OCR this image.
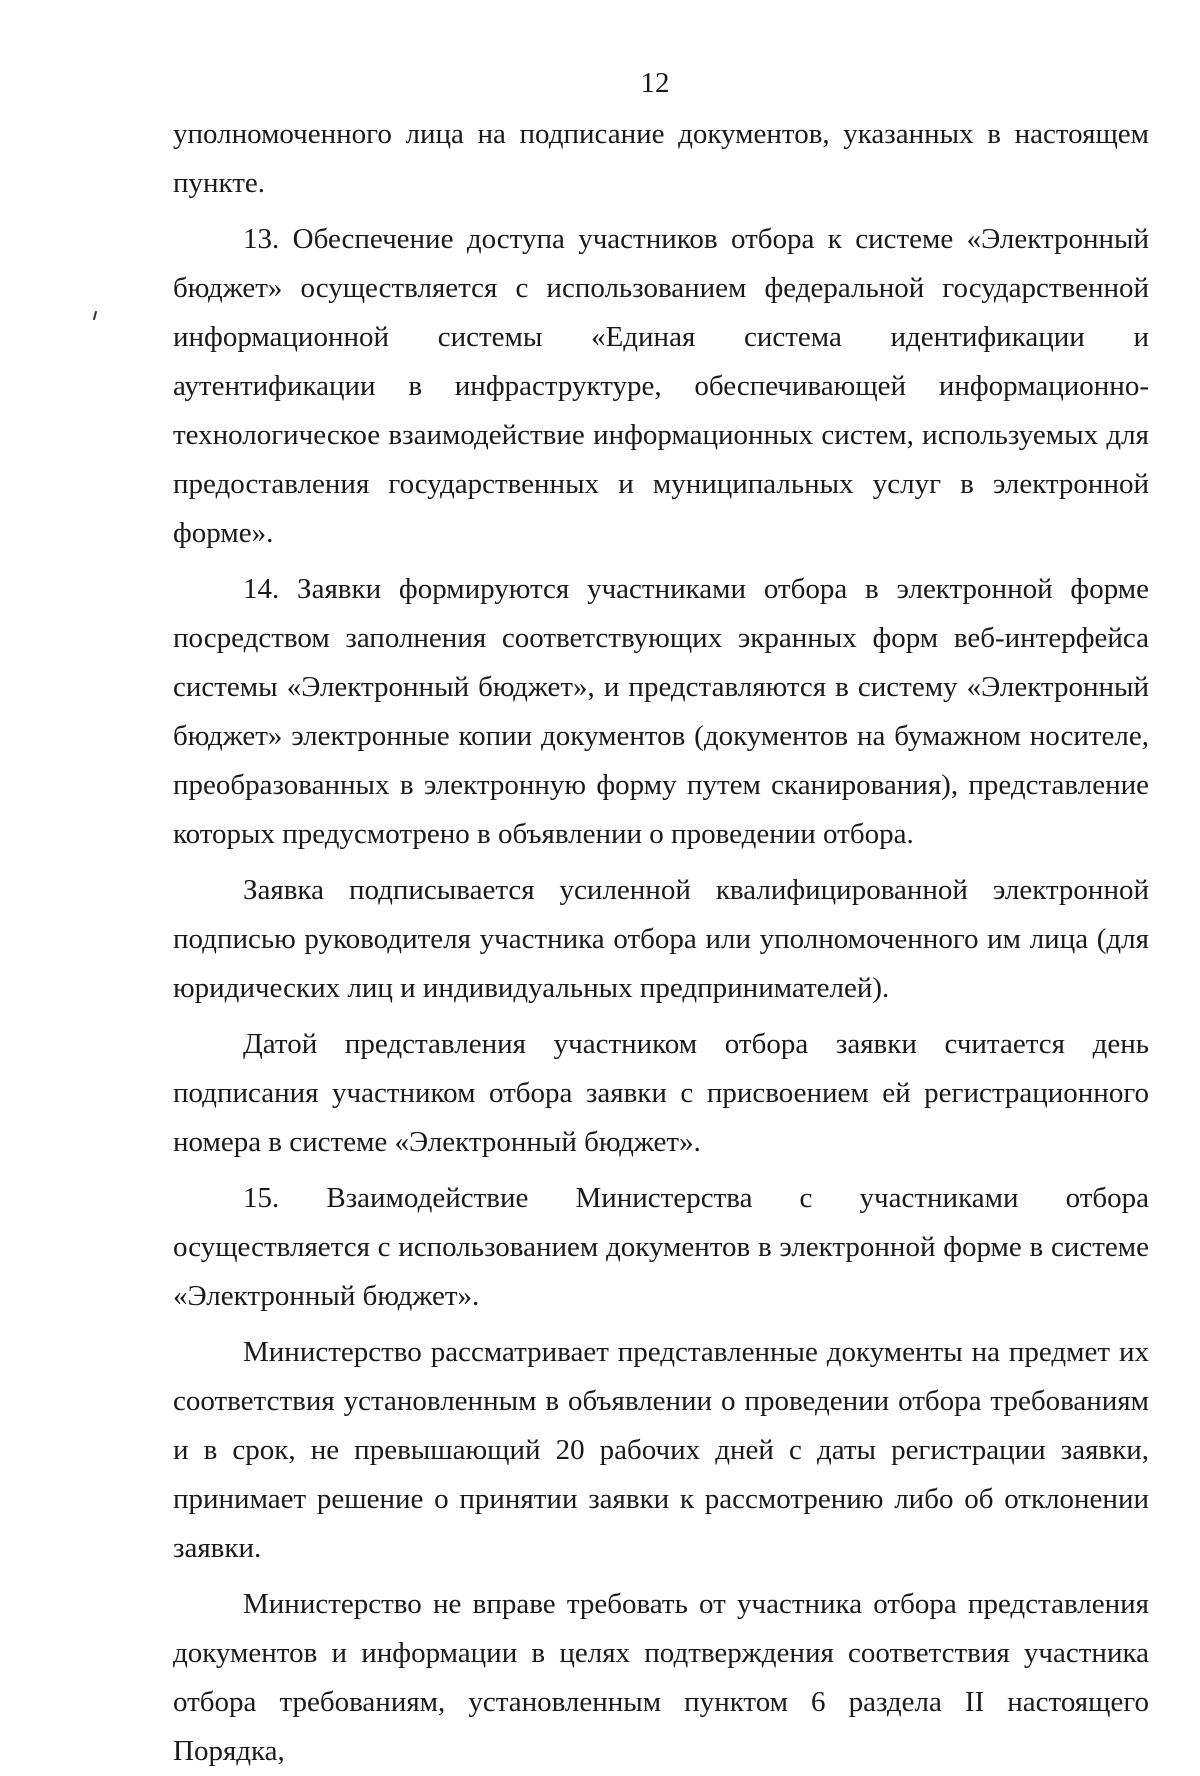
12

уполномоченного лица на подписание документов, указанных в настоящем пункте.

13. Обеспечение доступа участников отбора к системе «Электронный бюджет» осуществляется с использованием федеральной государственной информационной системы «Единая система идентификации и аутентификации в инфраструктуре, обеспечивающей информационно-технологическое взаимодействие информационных систем, используемых для предоставления государственных и муниципальных услуг в электронной форме».

14. Заявки формируются участниками отбора в электронной форме посредством заполнения соответствующих экранных форм веб-интерфейса системы «Электронный бюджет», и представляются в систему «Электронный бюджет» электронные копии документов (документов на бумажном носителе, преобразованных в электронную форму путем сканирования), представление которых предусмотрено в объявлении о проведении отбора.

Заявка подписывается усиленной квалифицированной электронной подписью руководителя участника отбора или уполномоченного им лица (для юридических лиц и индивидуальных предпринимателей).

Датой представления участником отбора заявки считается день подписания участником отбора заявки с присвоением ей регистрационного номера в системе «Электронный бюджет».

15. Взаимодействие Министерства с участниками отбора осуществляется с использованием документов в электронной форме в системе «Электронный бюджет».

Министерство рассматривает представленные документы на предмет их соответствия установленным в объявлении о проведении отбора требованиям и в срок, не превышающий 20 рабочих дней с даты регистрации заявки, принимает решение о принятии заявки к рассмотрению либо об отклонении заявки.

Министерство не вправе требовать от участника отбора представления документов и информации в целях подтверждения соответствия участника отбора требованиям, установленным пунктом 6 раздела II настоящего Порядка,
